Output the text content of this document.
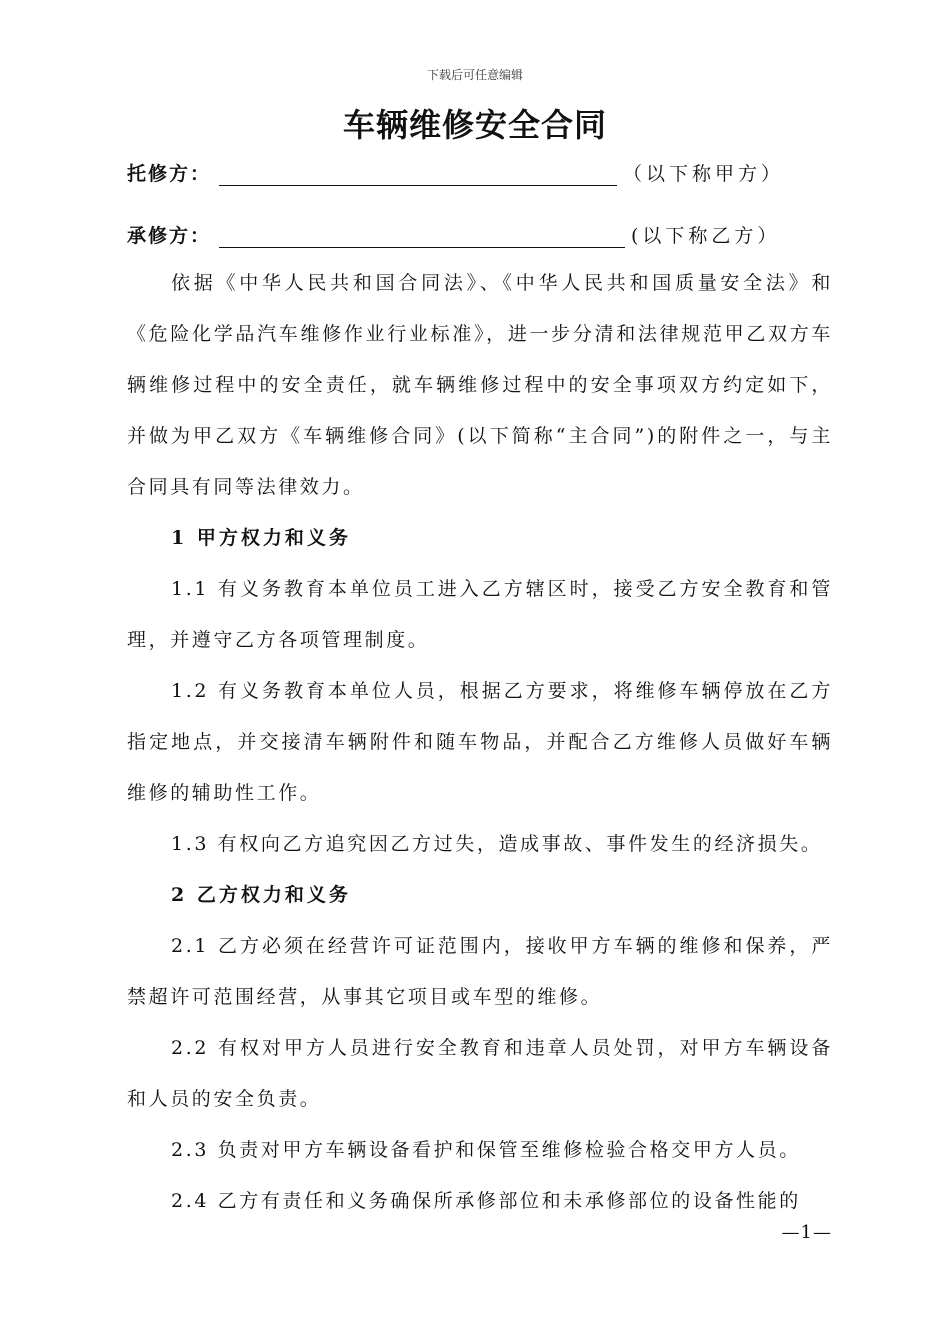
下载后可任意编辑
车辆维修安全合同
托修方：	（以下称甲方）
承修方：	(以下称乙方）

依据《中华人民共和国合同法》、《中华人民共和国质量安全法》和《危险化学品汽车维修作业行业标准》，进一步分清和法律规范甲乙双方车辆维修过程中的安全责任，就车辆维修过程中的安全事项双方约定如下，并做为甲乙双方《车辆维修合同》(以下简称“主合同”)的附件之一，与主合同具有同等法律效力。

1 甲方权力和义务

1.1 有义务教育本单位员工进入乙方辖区时，接受乙方安全教育和管理，并遵守乙方各项管理制度。

1.2 有义务教育本单位人员，根据乙方要求，将维修车辆停放在乙方指定地点，并交接清车辆附件和随车物品，并配合乙方维修人员做好车辆维修的辅助性工作。

1.3 有权向乙方追究因乙方过失，造成事故、事件发生的经济损失。

2 乙方权力和义务

2.1 乙方必须在经营许可证范围内，接收甲方车辆的维修和保养，严禁超许可范围经营，从事其它项目或车型的维修。

2.2 有权对甲方人员进行安全教育和违章人员处罚，对甲方车辆设备和人员的安全负责。

2.3 负责对甲方车辆设备看护和保管至维修检验合格交甲方人员。

2.4 乙方有责任和义务确保所承修部位和未承修部位的设备性能的

—1—
